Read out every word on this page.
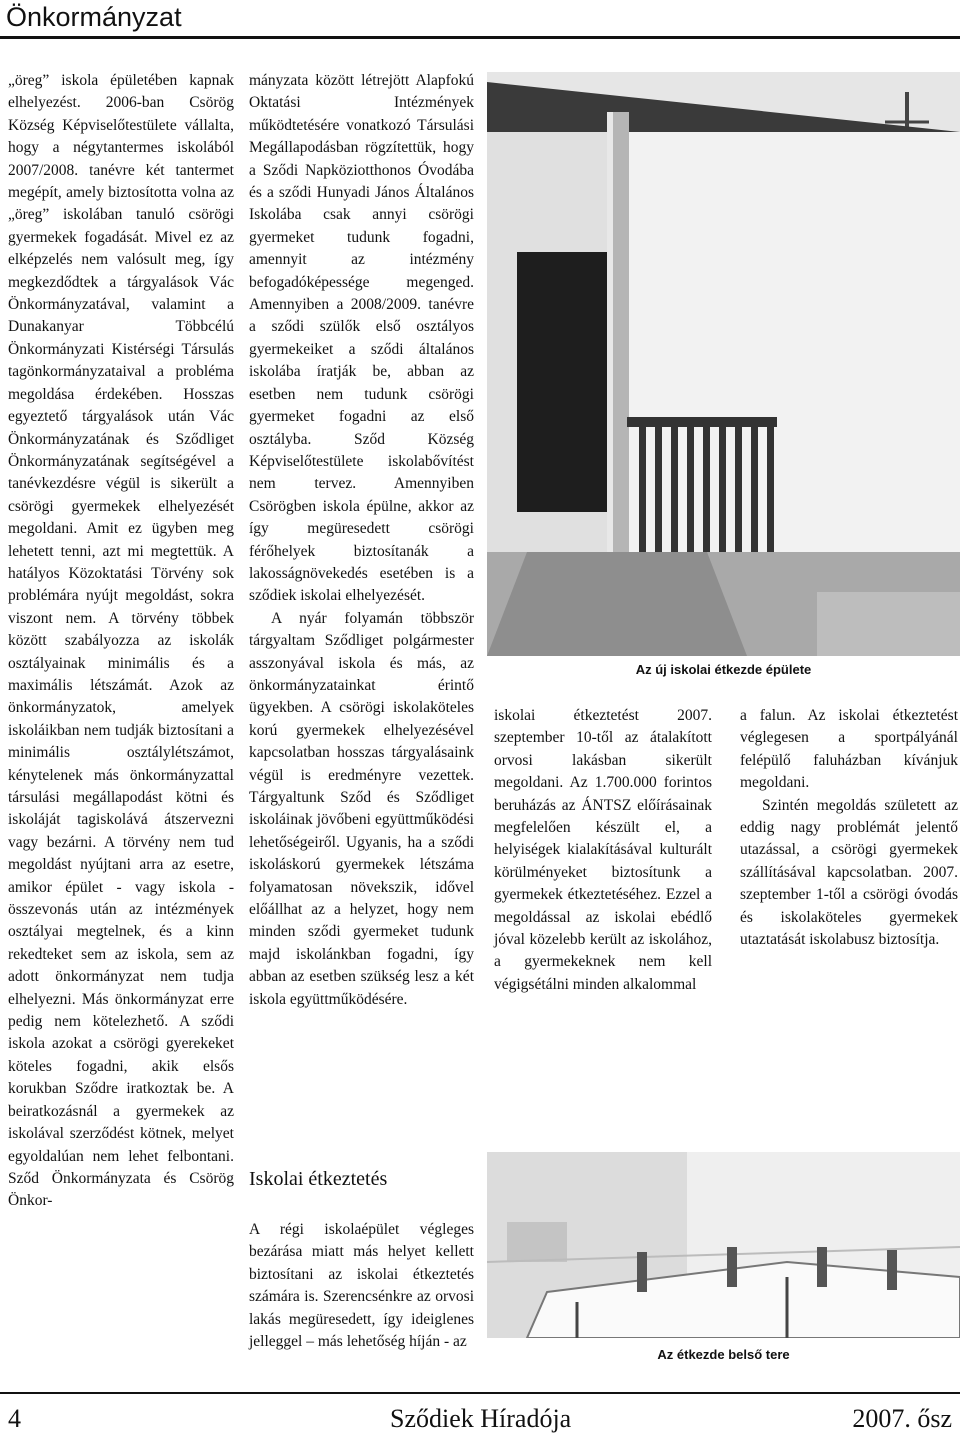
Önkormányzat

„öreg” iskola épületében kapnak elhelyezést. 2006-ban Csörög Község Képviselőtestülete vállalta, hogy a négytantermes iskolából 2007/2008. tanévre két tantermet megépít, amely biztosította volna az „öreg” iskolában tanuló csörögi gyermekek fogadását. Mivel ez az elképzelés nem valósult meg, így megkezdődtek a tárgyalások Vác Önkormányzatával, valamint a Dunakanyar Többcélú Önkormányzati Kistérségi Társulás tagönkormányzataival a probléma megoldása érdekében. Hosszas egyeztető tárgyalások után Vác Önkormányzatának és Sződliget Önkormányzatának segítségével a tanévkezdésre végül is sikerült a csörögi gyermekek elhelyezését megoldani. Amit ez ügyben meg lehetett tenni, azt mi megtettük. A hatályos Közoktatási Törvény sok problémára nyújt megoldást, sokra viszont nem. A törvény többek között szabályozza az iskolák osztályainak minimális és a maximális létszámát. Azok az önkormányzatok, amelyek iskoláikban nem tudják biztosítani a minimális osztálylétszámot, kénytelenek más önkormányzattal társulási megállapodást kötni és iskoláját tagiskolává átszervezni vagy bezárni. A törvény nem tud megoldást nyújtani arra az esetre, amikor épület - vagy iskola - összevonás után az intézmények osztályai megtelnek, és a kinn rekedteket sem az iskola, sem az adott önkormányzat nem tudja elhelyezni. Más önkormányzat erre pedig nem kötelezhető. A sződi iskola azokat a csörögi gyerekeket köteles fogadni, akik elsős korukban Sződre iratkoztak be. A beiratkozásnál a gyermekek az iskolával szerződést kötnek, melyet egyoldalúan nem lehet felbontani. Sződ Önkormányzata és Csörög Önkor-

mányzata között létrejött Alapfokú Oktatási Intézmények működtetésére vonatkozó Társulási Megállapodásban rögzítettük, hogy a Sződi Napköziotthonos Óvodába és a sződi Hunyadi János Általános Iskolába csak annyi csörögi gyermeket tudunk fogadni, amennyit az intézmény befogadóképessége megenged. Amennyiben a 2008/2009. tanévre a sződi szülők első osztályos gyermekeiket a sződi általános iskolába íratják be, abban az esetben nem tudunk csörögi gyermeket fogadni az első osztályba. Sződ Község Képviselőtestülete iskolabővítést nem tervez. Amennyiben Csörögben iskola épülne, akkor az így megüresedett csörögi férőhelyek biztosítanák a lakosságnövekedés esetében is a sződiek iskolai elhelyezését.

A nyár folyamán többször tárgyaltam Sződliget polgármester asszonyával iskola és más, az önkormányzatainkat érintő ügyekben. A csörögi iskolaköteles korú gyermekek elhelyezésével kapcsolatban hosszas tárgyalásaink végül is eredményre vezettek. Tárgyaltunk Sződ és Sződliget iskoláinak jövőbeni együttműködési lehetőségeiről. Ugyanis, ha a sződi iskoláskorú gyermekek létszáma folyamatosan növekszik, idővel előállhat az a helyzet, hogy nem minden sződi gyermeket tudunk majd iskolánkban fogadni, így abban az esetben szükség lesz a két iskola együttműködésére.

Iskolai étkeztetés

A régi iskolaépület végleges bezárása miatt más helyet kellett biztosítani az iskolai étkeztetés számára is. Szerencsénkre az orvosi lakás megüresedett, így ideiglenes jelleggel – más lehetőség híján - az

iskolai étkeztetést 2007. szeptember 10-től az átalakított orvosi lakásban sikerült megoldani. Az 1.700.000 forintos beruházás az ÁNTSZ előírásainak megfelelően készült el, a helyiségek kialakításával kulturált körülményeket biztosítunk a gyermekek étkeztetéséhez. Ezzel a megoldással az iskolai ebédlő jóval közelebb került az iskolához, a gyermekeknek nem kell végigsétálni minden alkalommal

a falun. Az iskolai étkeztetést véglegesen a sportpályánál felépülő faluházban kívánjuk megoldani.

Szintén megoldás született az eddig nagy problémát jelentő utazással, a csörögi gyermekek szállításával kapcsolatban. 2007. szeptember 1-től a csörögi óvodás és iskolaköteles gyermekek utaztatását iskolabusz biztosítja.

Az új iskolai étkezde épülete
Az étkezde belső tere
4	Sződiek Híradója	2007. ősz
